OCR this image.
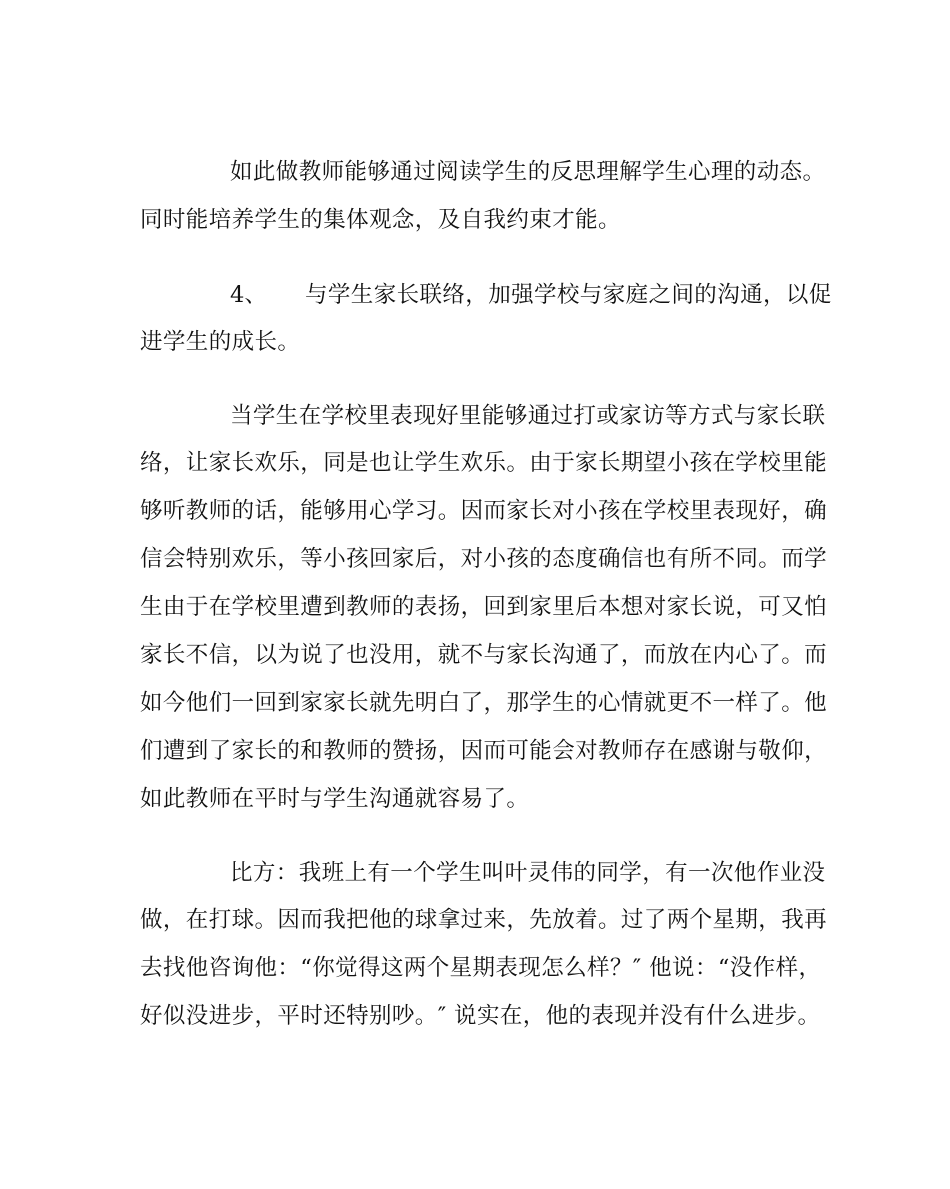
如此做教师能够通过阅读学生的反思理解学生心理的动态。
同时能培养学生的集体观念，及自我约束才能。
4、 与学生家长联络，加强学校与家庭之间的沟通，以促
进学生的成长。
当学生在学校里表现好里能够通过打或家访等方式与家长联
络，让家长欢乐，同是也让学生欢乐。由于家长期望小孩在学校里能
够听教师的话，能够用心学习。因而家长对小孩在学校里表现好，确
信会特别欢乐，等小孩回家后，对小孩的态度确信也有所不同。而学
生由于在学校里遭到教师的表扬，回到家里后本想对家长说，可又怕
家长不信，以为说了也没用，就不与家长沟通了，而放在内心了。而
如今他们一回到家家长就先明白了，那学生的心情就更不一样了。他
们遭到了家长的和教师的赞扬，因而可能会对教师存在感谢与敬仰，
如此教师在平时与学生沟通就容易了。
比方：我班上有一个学生叫叶灵伟的同学，有一次他作业没
做，在打球。因而我把他的球拿过来，先放着。过了两个星期，我再
去找他咨询他：“你觉得这两个星期表现怎么样？″ 他说：“没作样，
好似没进步，平时还特别吵。″ 说实在，他的表现并没有什么进步。
